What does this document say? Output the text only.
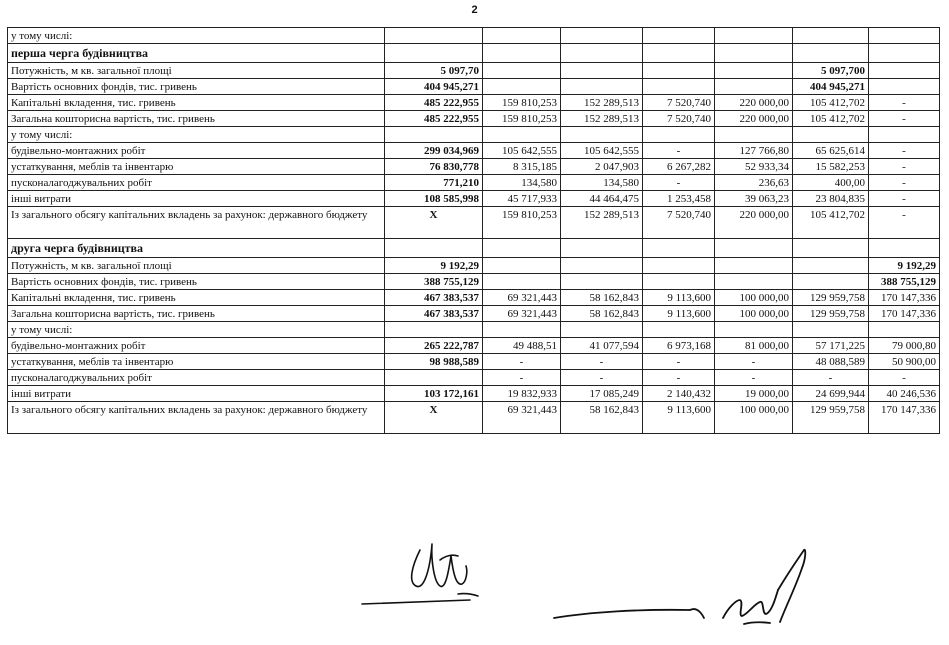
2
у тому числі:							
перша черга будівництва							
Потужність, м кв. загальної площі	5 097,70					5 097,700	
Вартість основних фондів, тис. гривень	404 945,271					404 945,271	
Капітальні вкладення, тис. гривень	485 222,955	159 810,253	152 289,513	7 520,740	220 000,00	105 412,702	-
Загальна кошторисна вартість, тис. гривень	485 222,955	159 810,253	152 289,513	7 520,740	220 000,00	105 412,702	-
у тому числі:							
будівельно-монтажних робіт	299 034,969	105 642,555	105 642,555	-	127 766,80	65 625,614	-
устаткування, меблів та інвентарю	76 830,778	8 315,185	2 047,903	6 267,282	52 933,34	15 582,253	-
пусконалагоджувальних робіт	771,210	134,580	134,580	-	236,63	400,00	-
інші витрати	108 585,998	45 717,933	44 464,475	1 253,458	39 063,23	23 804,835	-
Із загального обсягу капітальних вкладень за рахунок: державного бюджету	Х	159 810,253	152 289,513	7 520,740	220 000,00	105 412,702	-
друга черга будівництва							
Потужність, м кв. загальної площі	9 192,29						9 192,29
Вартість основних фондів, тис. гривень	388 755,129						388 755,129
Капітальні вкладення, тис. гривень	467 383,537	69 321,443	58 162,843	9 113,600	100 000,00	129 959,758	170 147,336
Загальна кошторисна вартість, тис. гривень	467 383,537	69 321,443	58 162,843	9 113,600	100 000,00	129 959,758	170 147,336
у тому числі:							
будівельно-монтажних робіт	265 222,787	49 488,51	41 077,594	6 973,168	81 000,00	57 171,225	79 000,80
устаткування, меблів та інвентарю	98 988,589	-	-	-	-	48 088,589	50 900,00
пусконалагоджувальних робіт		-	-	-	-	-	-
інші витрати	103 172,161	19 832,933	17 085,249	2 140,432	19 000,00	24 699,944	40 246,536
Із загального обсягу капітальних вкладень за рахунок: державного бюджету	Х	69 321,443	58 162,843	9 113,600	100 000,00	129 959,758	170 147,336
